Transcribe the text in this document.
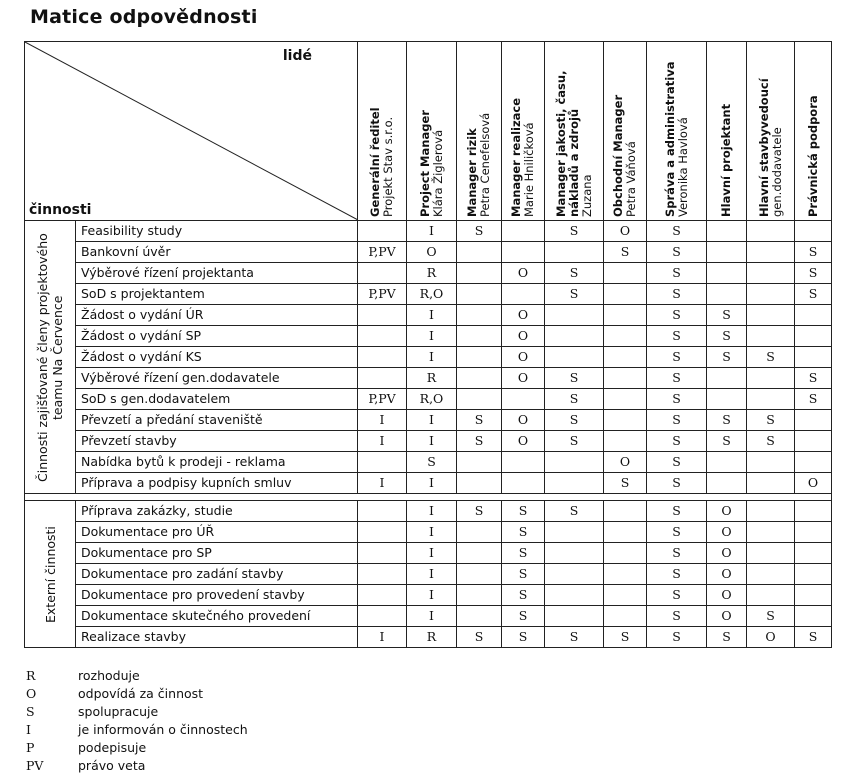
Matice odpovědnosti
lidé
činnosti		Generální ředitel Projekt Stav s.r.o.	Project Manager Klára Žiglerová	Manager rizik Petra Cenefelsová	Manager realizace Marie Hniličková	Manager jakosti, času, nákladů a zdrojů Zuzana	Obchodní Manager Petra Váňová	Správa a administrativa Veronika Havlová	Hlavní projektant	Hlavní stavbyvedoucí gen.dodavatele	Právnická podpora

Činnosti zajišťované členy projektového teamu Na Července	Feasibility study		I	S		S	O	S			
	Bankovní úvěr	P,PV	O				S	S			S
	Výběrové řízení projektanta		R		O	S		S			S
	SoD s projektantem	P,PV	R,O			S		S			S
	Žádost o vydání ÚR		I		O			S	S		
	Žádost o vydání SP		I		O			S	S		
	Žádost o vydání KS		I		O			S	S	S	
	Výběrové řízení gen.dodavatele		R		O	S		S			S
	SoD s gen.dodavatelem	P,PV	R,O			S		S			S
	Převzetí a předání staveniště	I	I	S	O	S		S	S	S	
	Převzetí stavby	I	I	S	O	S		S	S	S	
	Nabídka bytů k prodeji - reklama		S				O	S			
	Příprava a podpisy kupních smluv	I	I				S	S			O

Externí činnosti	Příprava zakázky, studie		I	S	S	S		S	O		
	Dokumentace pro ÚŘ		I		S			S	O		
	Dokumentace pro SP		I		S			S	O		
	Dokumentace pro zadání stavby		I		S			S	O		
	Dokumentace pro provedení stavby		I		S			S	O		
	Dokumentace skutečného provedení		I		S			S	O	S	
	Realizace stavby	I	R	S	S	S	S	S	S	O	S
R	rozhoduje
O	odpovídá za činnost
S	spolupracuje
I	je informován o činnostech
P	podepisuje
PV	právo veta
